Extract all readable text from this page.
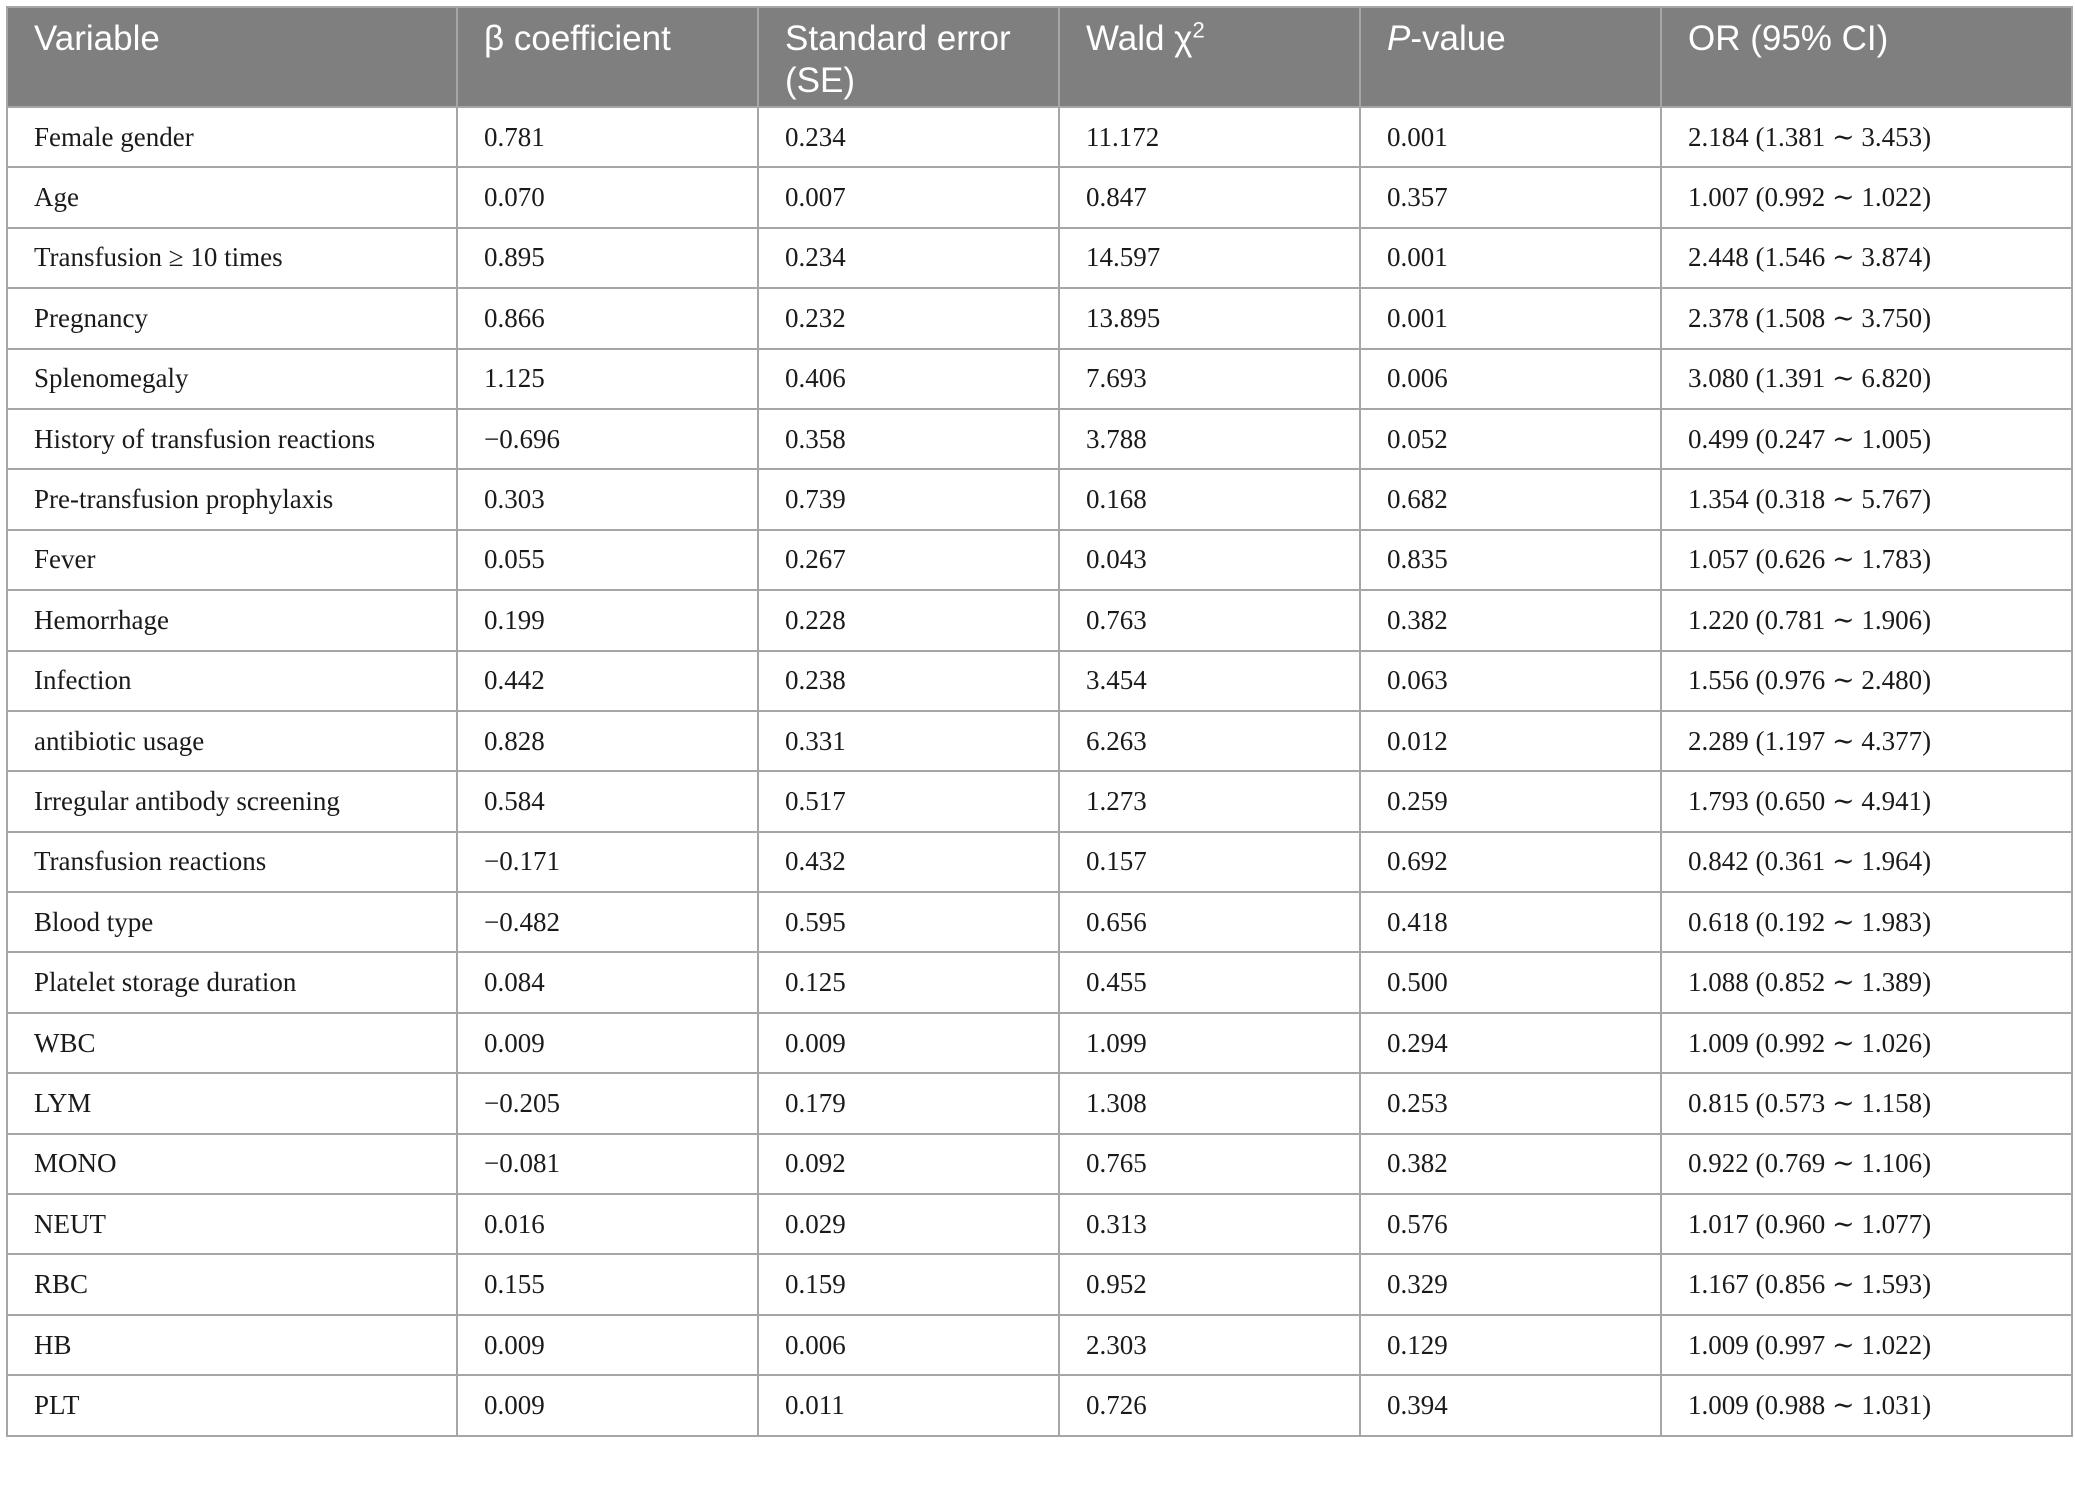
Variable	β coefficient	Standard error (SE)	Wald $\chi^2$	P-value	OR (95% CI)
Female gender	0.781	0.234	11.172	0.001	2.184 (1.381 ∼ 3.453)
Age	0.070	0.007	0.847	0.357	1.007 (0.992 ∼ 1.022)
Transfusion ≥ 10 times	0.895	0.234	14.597	0.001	2.448 (1.546 ∼ 3.874)
Pregnancy	0.866	0.232	13.895	0.001	2.378 (1.508 ∼ 3.750)
Splenomegaly	1.125	0.406	7.693	0.006	3.080 (1.391 ∼ 6.820)
History of transfusion reactions	−0.696	0.358	3.788	0.052	0.499 (0.247 ∼ 1.005)
Pre-transfusion prophylaxis	0.303	0.739	0.168	0.682	1.354 (0.318 ∼ 5.767)
Fever	0.055	0.267	0.043	0.835	1.057 (0.626 ∼ 1.783)
Hemorrhage	0.199	0.228	0.763	0.382	1.220 (0.781 ∼ 1.906)
Infection	0.442	0.238	3.454	0.063	1.556 (0.976 ∼ 2.480)
antibiotic usage	0.828	0.331	6.263	0.012	2.289 (1.197 ∼ 4.377)
Irregular antibody screening	0.584	0.517	1.273	0.259	1.793 (0.650 ∼ 4.941)
Transfusion reactions	−0.171	0.432	0.157	0.692	0.842 (0.361 ∼ 1.964)
Blood type	−0.482	0.595	0.656	0.418	0.618 (0.192 ∼ 1.983)
Platelet storage duration	0.084	0.125	0.455	0.500	1.088 (0.852 ∼ 1.389)
WBC	0.009	0.009	1.099	0.294	1.009 (0.992 ∼ 1.026)
LYM	−0.205	0.179	1.308	0.253	0.815 (0.573 ∼ 1.158)
MONO	−0.081	0.092	0.765	0.382	0.922 (0.769 ∼ 1.106)
NEUT	0.016	0.029	0.313	0.576	1.017 (0.960 ∼ 1.077)
RBC	0.155	0.159	0.952	0.329	1.167 (0.856 ∼ 1.593)
HB	0.009	0.006	2.303	0.129	1.009 (0.997 ∼ 1.022)
PLT	0.009	0.011	0.726	0.394	1.009 (0.988 ∼ 1.031)
